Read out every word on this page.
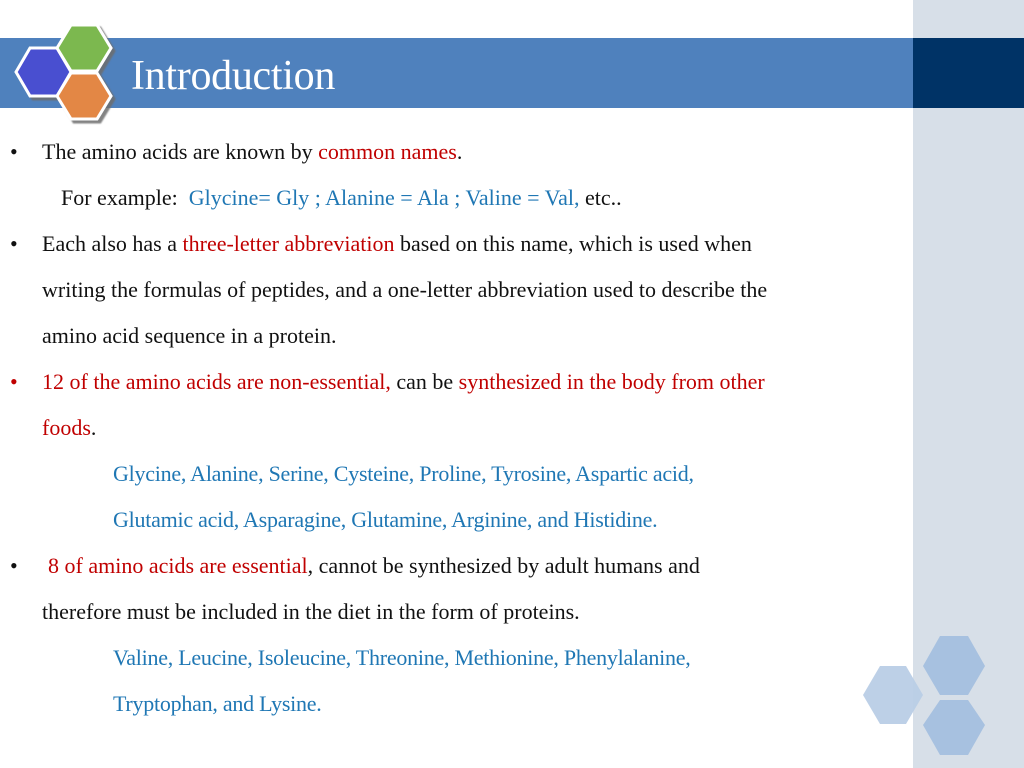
Introduction
• The amino acids are known by common names.
For example:  Glycine= Gly ; Alanine = Ala ; Valine = Val, etc..
• Each also has a three-letter abbreviation based on this name, which is used when
writing the formulas of peptides, and a one-letter abbreviation used to describe the
amino acid sequence in a protein.
• 12 of the amino acids are non-essential, can be synthesized in the body from other
foods.
Glycine, Alanine, Serine, Cysteine, Proline, Tyrosine, Aspartic acid,
Glutamic acid, Asparagine, Glutamine, Arginine, and Histidine.
• 8 of amino acids are essential, cannot be synthesized by adult humans and
therefore must be included in the diet in the form of proteins.
Valine, Leucine, Isoleucine, Threonine, Methionine, Phenylalanine,
Tryptophan, and Lysine.
